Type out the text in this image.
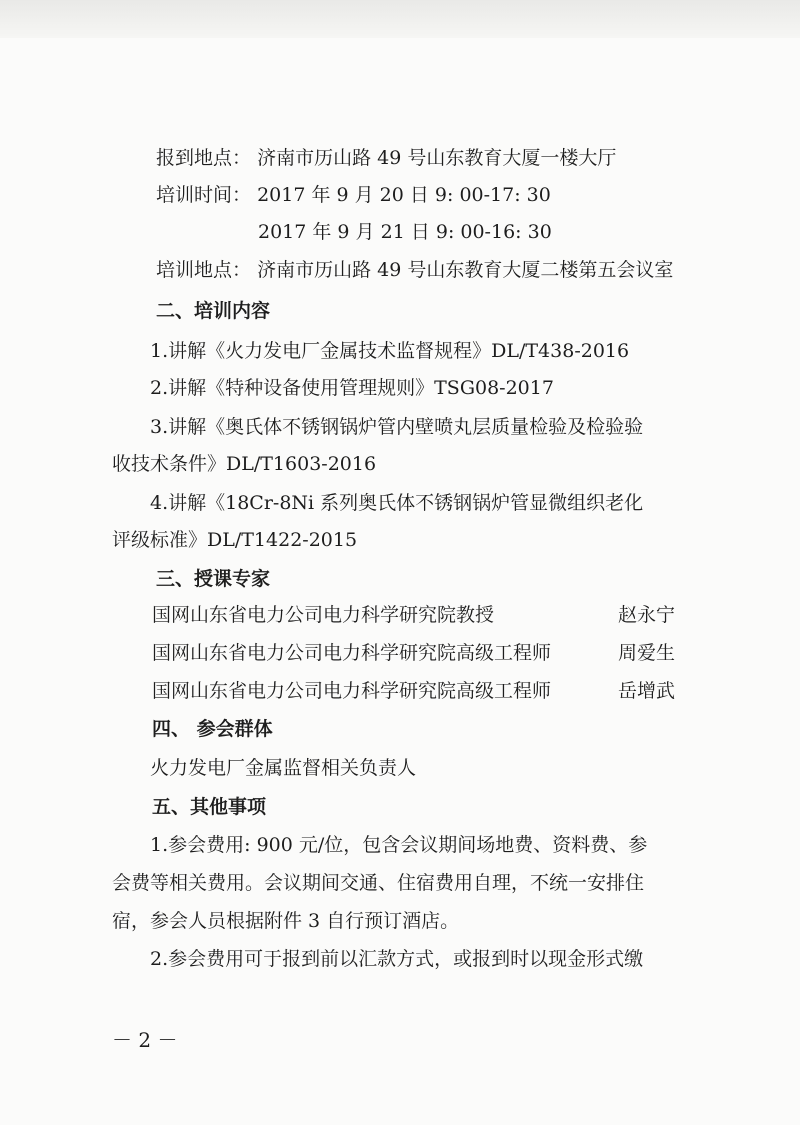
报到地点： 济南市历山路 49 号山东教育大厦一楼大厅
培训时间： 2017 年 9 月 20 日 9: 00-17: 30
2017 年 9 月 21 日 9: 00-16: 30
培训地点： 济南市历山路 49 号山东教育大厦二楼第五会议室
二、培训内容
1.讲解《火力发电厂金属技术监督规程》DL/T438-2016
2.讲解《特种设备使用管理规则》TSG08-2017
3.讲解《奥氏体不锈钢锅炉管内壁喷丸层质量检验及检验验
收技术条件》DL/T1603-2016
4.讲解《18Cr-8Ni 系列奥氏体不锈钢锅炉管显微组织老化
评级标准》DL/T1422-2015
三、授课专家
国网山东省电力公司电力科学研究院教授	赵永宁
国网山东省电力公司电力科学研究院高级工程师	周爱生
国网山东省电力公司电力科学研究院高级工程师	岳增武
四、 参会群体
火力发电厂金属监督相关负责人
五、其他事项
1.参会费用: 900 元/位，包含会议期间场地费、资料费、参
会费等相关费用。会议期间交通、住宿费用自理，不统一安排住
宿，参会人员根据附件 3 自行预订酒店。
2.参会费用可于报到前以汇款方式，或报到时以现金形式缴
－ 2 －
